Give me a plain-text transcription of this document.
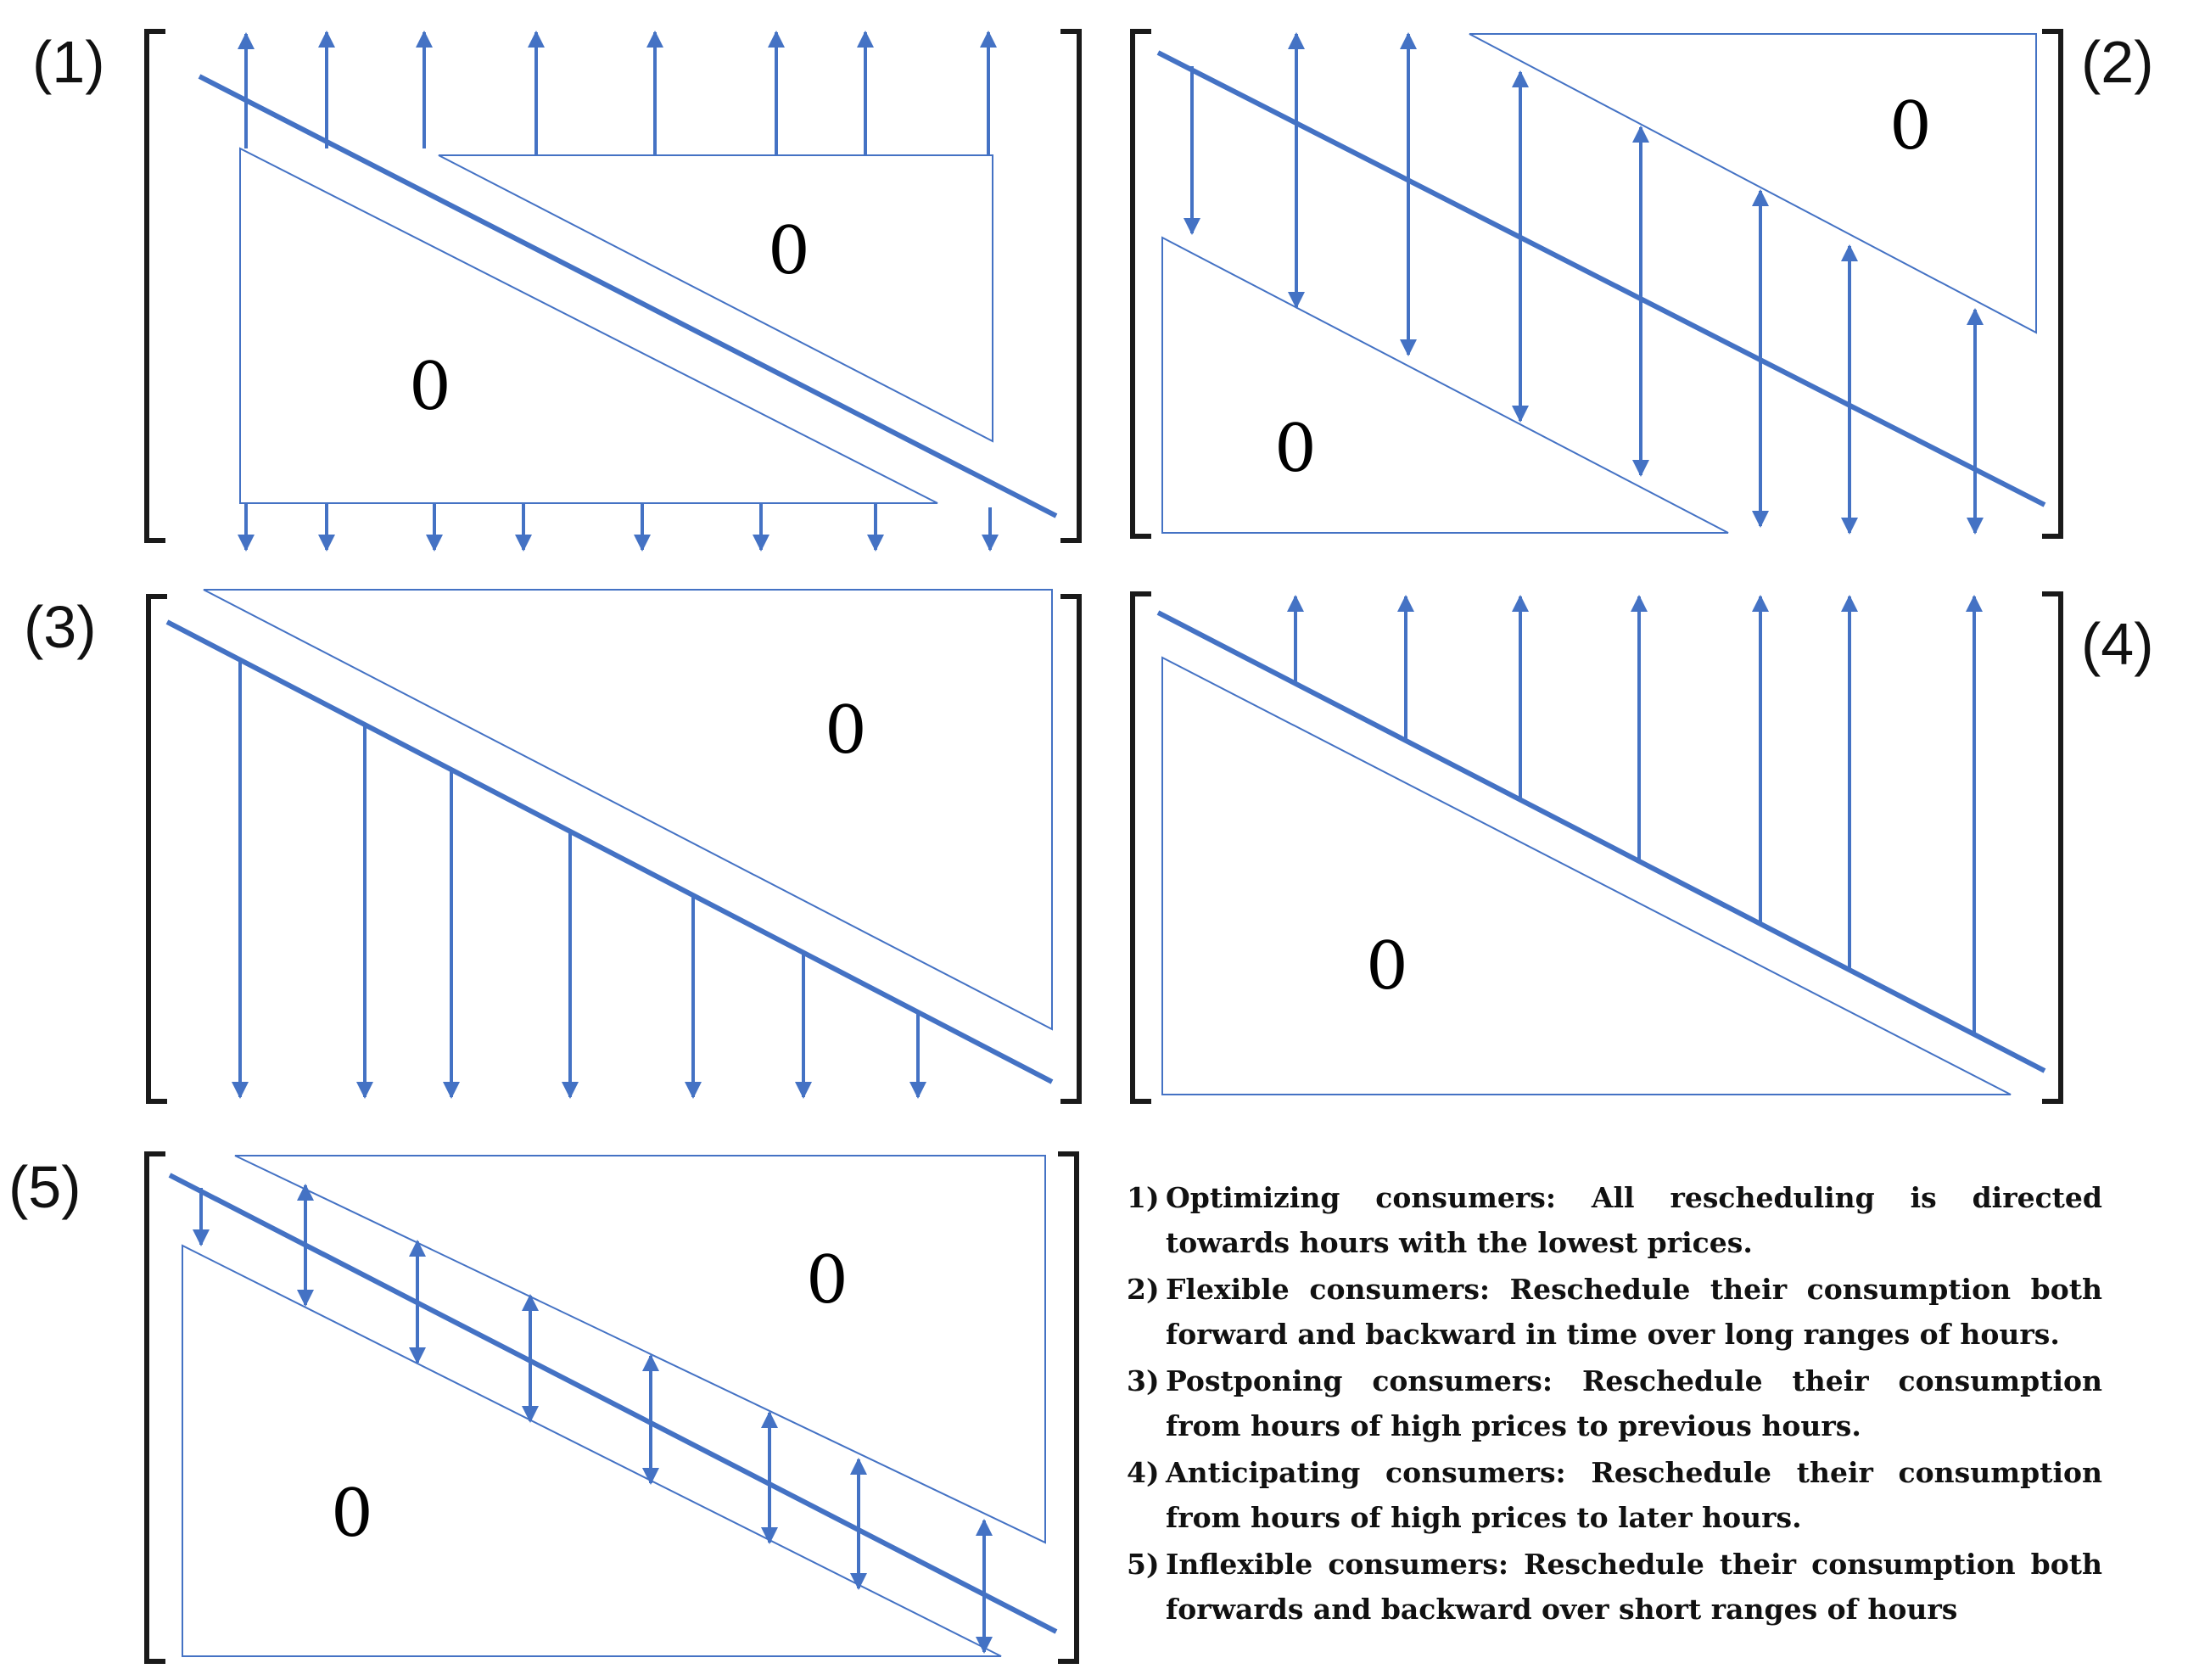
(1)
0
0
(2)
0
0
(3)
0
(4)
0
(5)
0
0
1) Optimizing consumers: All rescheduling is directed towards hours with the lowest prices.
2) Flexible consumers: Reschedule their consumption both forward and backward in time over long ranges of hours.
3) Postponing consumers: Reschedule their consumption from hours of high prices to previous hours.
4) Anticipating consumers: Reschedule their consumption from hours of high prices to later hours.
5) Inflexible consumers: Reschedule their consumption both forwards and backward over short ranges of hours
